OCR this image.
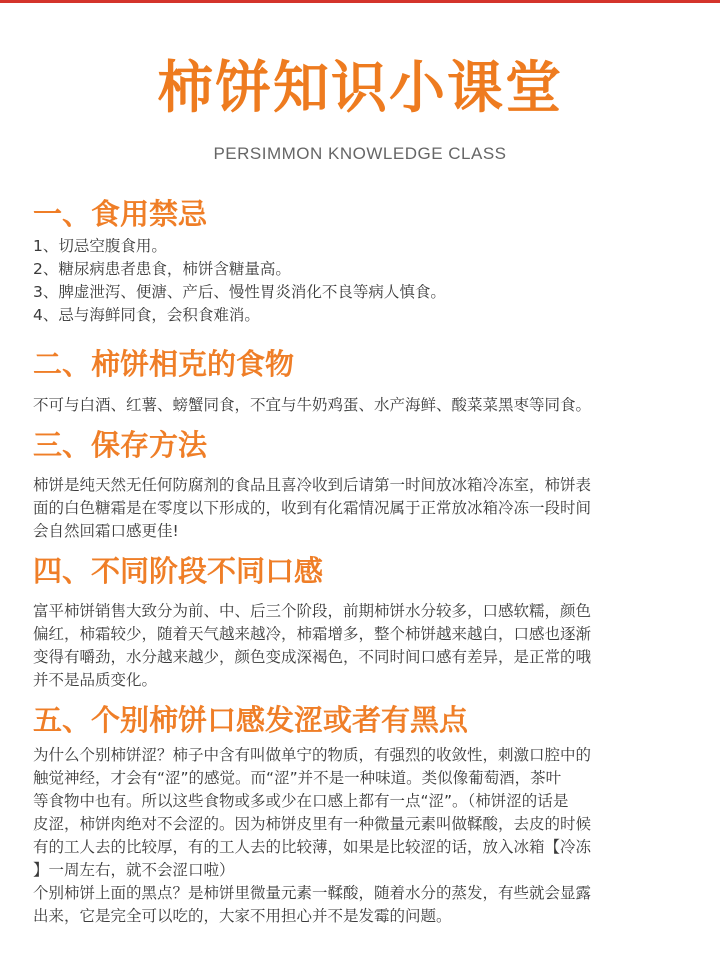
柿饼知识小课堂
PERSIMMON KNOWLEDGE CLASS
一、食用禁忌
1、切忌空腹食用。
2、糖尿病患者患食，柿饼含糖量高。
3、脾虚泄泻、便溏、产后、慢性胃炎消化不良等病人慎食。
4、忌与海鲜同食，会积食难消。
二、柿饼相克的食物
不可与白酒、红薯、螃蟹同食，不宜与牛奶鸡蛋、水产海鲜、酸菜菜黑枣等同食。
三、保存方法
柿饼是纯天然无任何防腐剂的食品且喜冷收到后请第一时间放冰箱冷冻室，柿饼表
面的白色糖霜是在零度以下形成的，收到有化霜情况属于正常放冰箱冷冻一段时间
会自然回霜口感更佳!
四、不同阶段不同口感
富平柿饼销售大致分为前、中、后三个阶段，前期柿饼水分较多，口感软糯，颜色
偏红，柿霜较少，随着天气越来越冷，柿霜增多，整个柿饼越来越白，口感也逐渐
变得有嚼劲，水分越来越少，颜色变成深褐色，不同时间口感有差异，是正常的哦
并不是品质变化。
五、个别柿饼口感发涩或者有黑点
为什么个别柿饼涩？柿子中含有叫做单宁的物质，有强烈的收敛性，刺激口腔中的
触觉神经，才会有“涩”的感觉。而“涩”并不是一种味道。类似像葡萄酒，茶叶
等食物中也有。所以这些食物或多或少在口感上都有一点“涩”。（柿饼涩的话是
皮涩，柿饼肉绝对不会涩的。因为柿饼皮里有一种微量元素叫做鞣酸，去皮的时候
有的工人去的比较厚，有的工人去的比较薄，如果是比较涩的话，放入冰箱【冷冻
】一周左右，就不会涩口啦）
个别柿饼上面的黑点？是柿饼里微量元素一鞣酸，随着水分的蒸发，有些就会显露
出来，它是完全可以吃的，大家不用担心并不是发霉的问题。
